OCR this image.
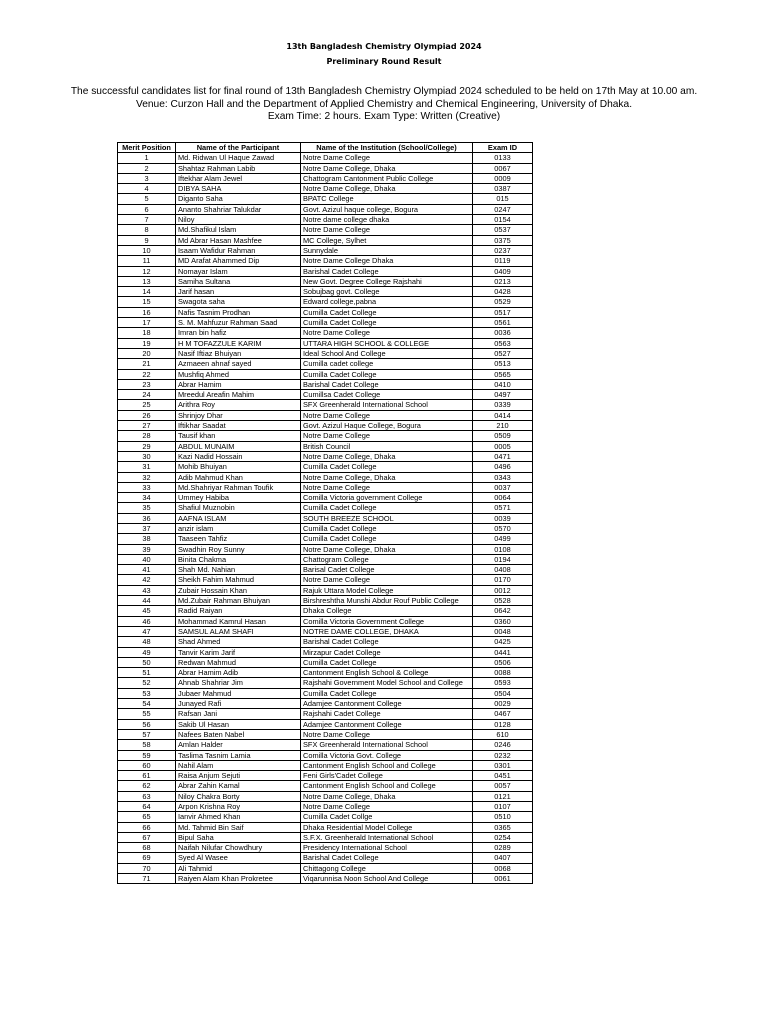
13th Bangladesh Chemistry Olympiad 2024
Preliminary Round Result
The successful candidates list for final round of 13th Bangladesh Chemistry Olympiad 2024 scheduled to be held on 17th May at 10.00 am.
Venue: Curzon Hall and the Department of Applied Chemistry and Chemical Engineering, University of Dhaka.
Exam Time: 2 hours. Exam Type: Written (Creative)
Merit Position	Name of the Participant	Name of the Institution (School/College)	Exam ID
1	Md. Ridwan Ul Haque Zawad	Notre Dame College	0133
2	Shahtaz Rahman Labib	Notre Dame College, Dhaka	0067
3	Iftekhar Alam Jewel	Chattogram Cantonment Public College	0009
4	DIBYA SAHA	Notre Dame College, Dhaka	0387
5	Diganto Saha	BPATC College	015
6	Ananto Shahriar Talukdar	Govt. Azizul haque college, Bogura	0247
7	Niloy	Notre dame college dhaka	0154
8	Md.Shafikul Islam	Notre Dame College	0537
9	Md Abrar Hasan Mashfee	MC College, Sylhet	0375
10	Isaam Wafidur Rahman	Sunnydale	0237
11	MD Arafat Ahammed Dip	Notre Dame College Dhaka	0119
12	Nomayar Islam	Barishal Cadet College	0409
13	Samiha Sultana	New Govt. Degree College Rajshahi	0213
14	Jarif hasan	Sobujbag govt. College	0428
15	Swagota saha	Edward college,pabna	0529
16	Nafis Tasnim Prodhan	Cumilla Cadet College	0517
17	S. M. Mahfuzur Rahman Saad	Cumilla Cadet College	0561
18	Imran bin hafiz	Notre Dame College	0036
19	H M TOFAZZULE KARIM	UTTARA HIGH SCHOOL & COLLEGE	0563
20	Nasif Iftiaz Bhuiyan	Ideal School And College	0527
21	Azmaeen ahnaf sayed	Cumilla cadet college	0513
22	Mushfiq Ahmed	Cumilla Cadet College	0565
23	Abrar Hamim	Barishal Cadet College	0410
24	Mreedul Areafin Mahim	Cumillsa Cadet College	0497
25	Arithra Roy	SFX Greenherald International School	0339
26	Shrinjoy Dhar	Notre Dame College	0414
27	Iftikhar Saadat	Govt. Azizul Haque College, Bogura	210
28	Tausif khan	Notre Dame College	0509
29	ABDUL MUNAIM	British Council	0005
30	Kazi Nadid Hossain	Notre Dame College, Dhaka	0471
31	Mohib Bhuiyan	Cumilla Cadet College	0496
32	Adib Mahmud Khan	Notre Dame College, Dhaka	0343
33	Md.Shahriyar Rahman Toufik	Notre Dame College	0037
34	Ummey Habiba	Comilla Victoria government College	0064
35	Shafiul Muznobin	Cumilla Cadet College	0571
36	AAFNA ISLAM	SOUTH BREEZE SCHOOL	0039
37	anzir islam	Cumilla Cadet College	0570
38	Taaseen Tahfiz	Cumilla Cadet College	0499
39	Swadhin Roy Sunny	Notre Dame College, Dhaka	0108
40	Binita Chakma	Chattogram College	0194
41	Shah Md. Nahian	Barisal Cadet College	0408
42	Sheikh Fahim Mahmud	Notre Dame College	0170
43	Zubair Hossain Khan	Rajuk Uttara Model College	0012
44	Md.Zubair Rahman Bhuiyan	Birshreshtha Munshi Abdur Rouf Public College	0528
45	Radid Raiyan	Dhaka College	0642
46	Mohammad Kamrul Hasan	Comilla Victoria Government College	0360
47	SAMSUL ALAM SHAFI	NOTRE DAME COLLEGE, DHAKA	0048
48	Shad Ahmed	Barishal Cadet College	0425
49	Tanvir Karim Jarif	Mirzapur Cadet College	0441
50	Redwan Mahmud	Cumilla Cadet College	0506
51	Abrar Hamim Adib	Cantonment English School & College	0088
52	Ahnab Shahriar Jim	Rajshahi Government Model School and College	0593
53	Jubaer Mahmud	Cumilla Cadet College	0504
54	Junayed Rafi	Adamjee Cantonment College	0029
55	Rafsan Jani	Rajshahi Cadet College	0467
56	Sakib Ul Hasan	Adamjee Cantonment College	0128
57	Nafees Baten Nabel	Notre Dame College	610
58	Amlan Halder	SFX Greenherald International School	0246
59	Taslima Tasnim Lamia	Comilla Victoria Govt. College	0232
60	Nahil Alam	Cantonment English School and College	0301
61	Raisa Anjum Sejuti	Feni Girls'Cadet College	0451
62	Abrar Zahin Kamal	Cantonment English School and College	0057
63	Niloy Chakra Borty	Notre Dame College, Dhaka	0121
64	Arpon Krishna Roy	Notre Dame College	0107
65	Ianvir Ahmed Khan	Cumilla Cadet Collge	0510
66	Md. Tahmid Bin Saif	Dhaka Residential Model College	0365
67	Bipul Saha	S.F.X. Greenherald International School	0254
68	Naifah Nilufar Chowdhury	Presidency International School	0289
69	Syed Al Wasee	Barishal Cadet College	0407
70	Ali Tahmid	Chittagong College	0068
71	Raiyen Alam Khan Prokretee	Viqarunnisa Noon School And College	0061
